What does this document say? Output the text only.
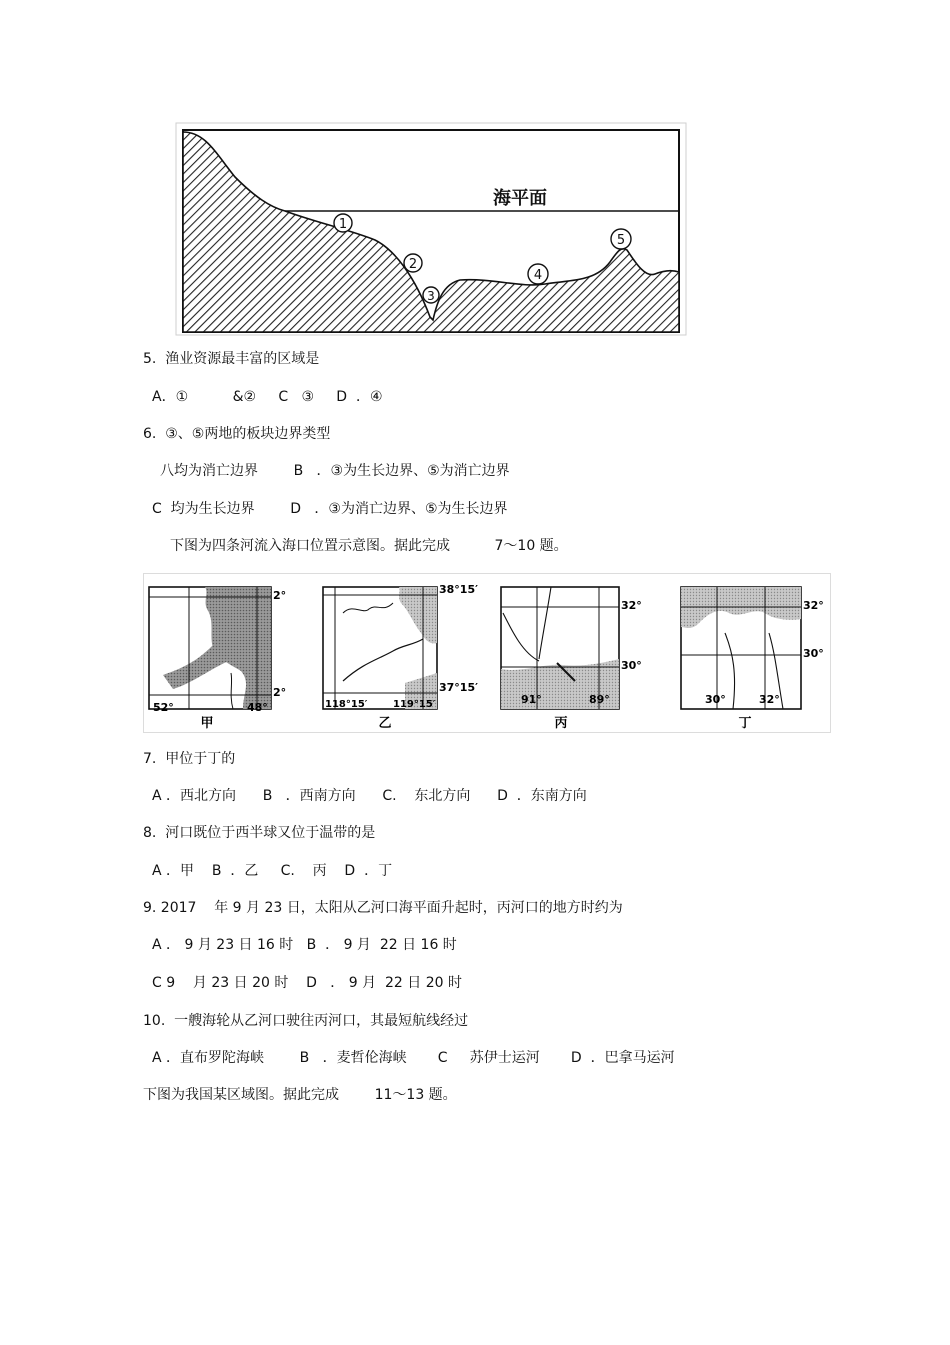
海平面
1
2
3
4
5
5.  渔业资源最丰富的区域是
A．①          &②     C   ③     D  ．④
6.  ③、⑤两地的板块边界类型
八均为消亡边界        B   ．③为生长边界、⑤为消亡边界
C  均为生长边界        D   ．③为消亡边界、⑤为生长边界
下图为四条河流入海口位置示意图。据此完成          7～10 题。
2°
2°
52°	48°
甲
38°15′
37°15′
118°15′	119°15′
乙
32°
30°
91°	89°
丙
32°
30°
30°	32°
丁
7.  甲位于丁的
A ．西北方向      B   ．西南方向      C.    东北方向      D  ．东南方向
8.  河口既位于西半球又位于温带的是
A ．甲    B  ．乙     C.    丙    D  ．丁
9. 2017    年 9 月 23 日，太阳从乙河口海平面升起时，丙河口的地方时约为
A ． 9 月 23 日 16 时   B  ． 9 月  22 日 16 时
C 9    月 23 日 20 时    D   ． 9 月  22 日 20 时
10.  一艘海轮从乙河口驶往丙河口，其最短航线经过
A ．直布罗陀海峡        B   ．麦哲伦海峡       C     苏伊士运河       D  ．巴拿马运河
下图为我国某区域图。据此完成        11～13 题。
